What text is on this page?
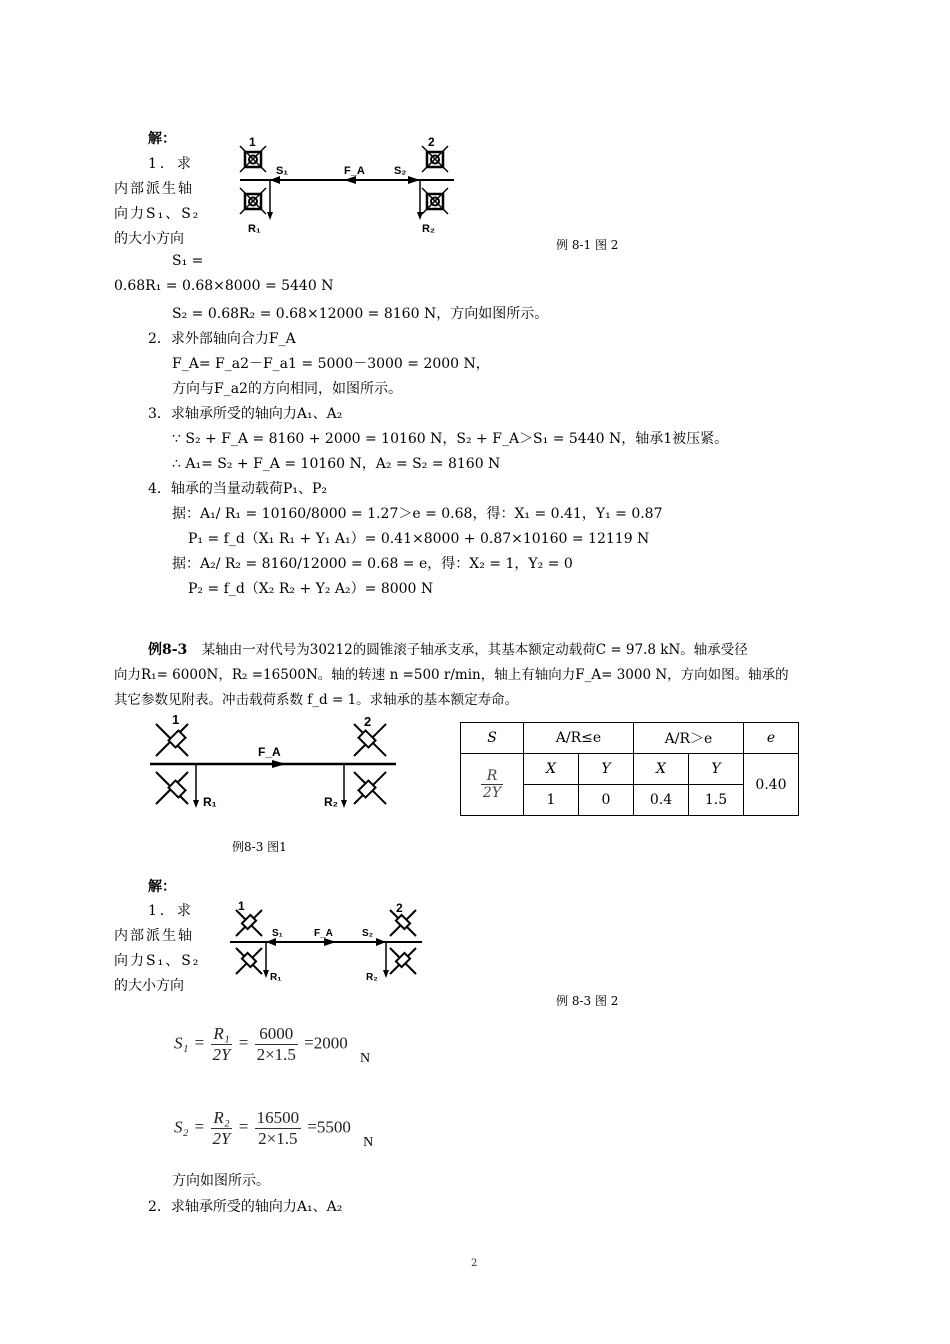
解：
1．求
内部派生轴
向力S₁、S₂
的大小方向
1	2
S₁	F_A	S₂
R₁	R₂
例 8-1 图 2
S₁ =
0.68R₁ = 0.68×8000 = 5440 N
S₂ = 0.68R₂ = 0.68×12000 = 8160 N，方向如图所示。
2．求外部轴向合力F_A
F_A= F_a2－F_a1 = 5000－3000 = 2000 N，
方向与F_a2的方向相同，如图所示。
3．求轴承所受的轴向力A₁、A₂
∵ S₂ + F_A = 8160 + 2000 = 10160 N，S₂ + F_A＞S₁ = 5440 N，轴承1被压紧。
∴ A₁= S₂ + F_A = 10160 N，A₂ = S₂ = 8160 N
4．轴承的当量动载荷P₁、P₂
据：A₁/ R₁ = 10160/8000 = 1.27＞e = 0.68，得：X₁ = 0.41，Y₁ = 0.87
P₁ = f_d（X₁ R₁ + Y₁ A₁）= 0.41×8000 + 0.87×10160 = 12119 N
据：A₂/ R₂ = 8160/12000 = 0.68 = e，得：X₂ = 1，Y₂ = 0
P₂ = f_d（X₂ R₂ + Y₂ A₂）= 8000 N
例8-3 某轴由一对代号为30212的圆锥滚子轴承支承，其基本额定动载荷C = 97.8 kN。轴承受径
向力R₁= 6000N，R₂ =16500N。轴的转速 n =500 r/min，轴上有轴向力F_A= 3000 N，方向如图。轴承的
其它参数见附表。冲击载荷系数 f_d = 1。求轴承的基本额定寿命。
1	2
F_A
R₁	R₂
例8-3 图1
S	A/R≤e		A/R＞e		e

$\frac{R}{2Y}$	X	Y	X	Y	0.40
	1	0	0.4	1.5	
解：
1．求
内部派生轴
向力S₁、S₂
的大小方向
1	2
S₁	F_A	S₂
R₁	R₂
例 8-3 图 2
$S_1 = \frac{\text{R₁}}{2Y} = \frac{6000}{2\times 1.5} =2000$ $_N$
$S_2 = \frac{\text{R₂}}{2Y} = \frac{16500}{2\times 1.5} =5500$ $_N$
方向如图所示。
2．求轴承所受的轴向力A₁、A₂
2
